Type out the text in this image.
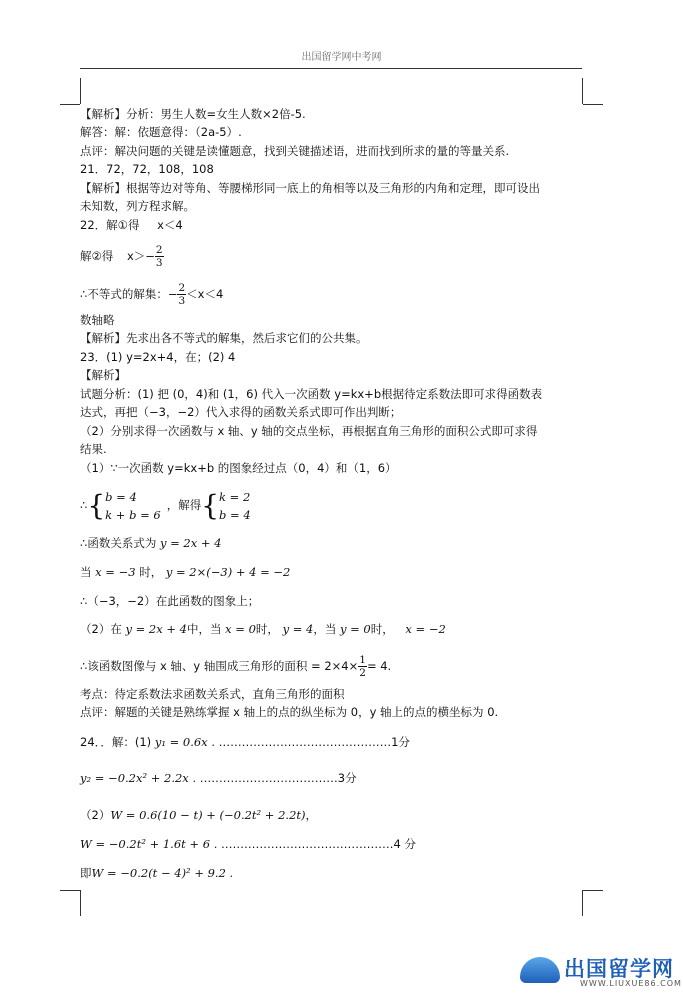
出国留学网中考网
【解析】分析：男生人数=女生人数×2倍-5.
解答：解：依题意得：（2a-5）.
点评：解决问题的关键是读懂题意，找到关键描述语，进而找到所求的量的等量关系.
21．72，72，108，108
【解析】根据等边对等角、等腰梯形同一底上的角相等以及三角形的内角和定理，即可设出
未知数，列方程求解。
22．解①得 x＜4
解②得 $x>- \frac{2}{3}$
∴不等式的解集：− $\frac{2}{3} <x<4$
数轴略
【解析】先求出各不等式的解集，然后求它们的公共集。
23．(1) y=2x+4，在；(2) 4
【解析】
试题分析：(1) 把 (0，4)和 (1，6) 代入一次函数 y=kx+b根据待定系数法即可求得函数表
达式，再把（−3，−2）代入求得的函数关系式即可作出判断；
（2）分别求得一次函数与 x 轴、y 轴的交点坐标，再根据直角三角形的面积公式即可求得
结果.
（1）∵一次函数 y=kx+b 的图象经过点（0，4）和（1，6）
∴{ b = 4
k + b = 6
，解得{ k = 2
b = 4
∴函数关系式为 y = 2x + 4
当 x = −3 时， y = 2×(−3) + 4 = −2
∴（−3，−2）在此函数的图象上；
（2）在 y = 2x + 4中，当 x = 0时， y = 4，当 y = 0时， x = −2
∴该函数图像与 x 轴、y 轴围成三角形的面积 = $2\times 4\times \frac{1}{2} = 4$.
考点：待定系数法求函数关系式，直角三角形的面积
点评：解题的关键是熟练掌握 x 轴上的点的纵坐标为 0，y 轴上的点的横坐标为 0.
24．．解：(1) y₁ = 0.6x . ………………………………………1分
y₂ = −0.2x² + 2.2x . ………………………………3分
（2）W = 0.6(10 − t) + (−0.2t² + 2.2t)，
W = −0.2t² + 1.6t + 6 . ………………………………………4 分
即W = −0.2(t − 4)² + 9.2 .
出国留学网
WWW.LIUXUE86.COM
